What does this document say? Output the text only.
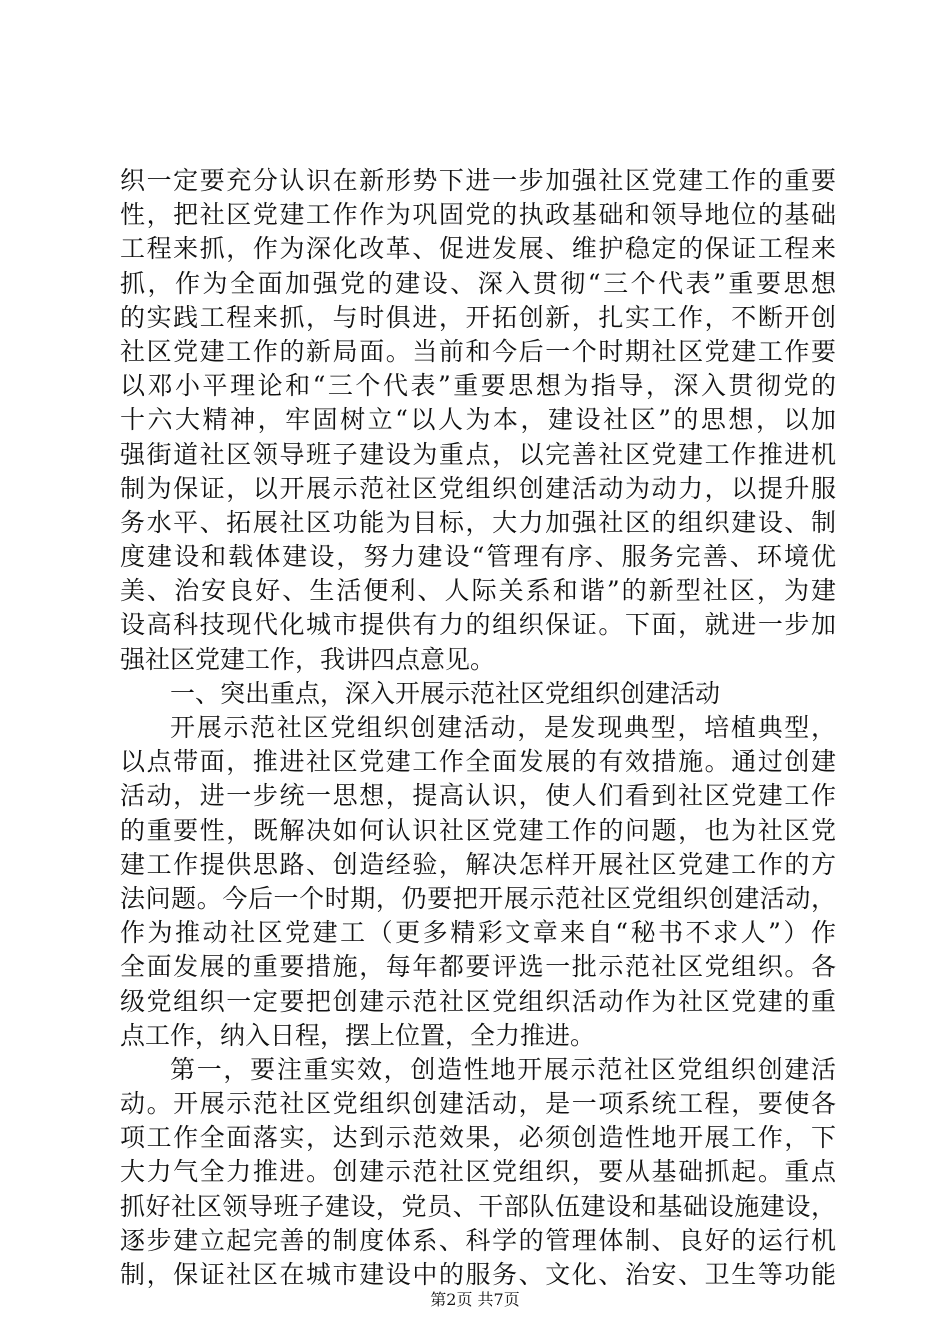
织一定要充分认识在新形势下进一步加强社区党建工作的重要
性，把社区党建工作作为巩固党的执政基础和领导地位的基础
工程来抓，作为深化改革、促进发展、维护稳定的保证工程来
抓，作为全面加强党的建设、深入贯彻“三个代表”重要思想
的实践工程来抓，与时俱进，开拓创新，扎实工作，不断开创
社区党建工作的新局面。当前和今后一个时期社区党建工作要
以邓小平理论和“三个代表”重要思想为指导，深入贯彻党的
十六大精神，牢固树立“以人为本，建设社区”的思想，以加
强街道社区领导班子建设为重点，以完善社区党建工作推进机
制为保证，以开展示范社区党组织创建活动为动力，以提升服
务水平、拓展社区功能为目标，大力加强社区的组织建设、制
度建设和载体建设，努力建设“管理有序、服务完善、环境优
美、治安良好、生活便利、人际关系和谐”的新型社区，为建
设高科技现代化城市提供有力的组织保证。下面，就进一步加
强社区党建工作，我讲四点意见。
一、突出重点，深入开展示范社区党组织创建活动
开展示范社区党组织创建活动，是发现典型，培植典型，
以点带面，推进社区党建工作全面发展的有效措施。通过创建
活动，进一步统一思想，提高认识，使人们看到社区党建工作
的重要性，既解决如何认识社区党建工作的问题，也为社区党
建工作提供思路、创造经验，解决怎样开展社区党建工作的方
法问题。今后一个时期，仍要把开展示范社区党组织创建活动，
作为推动社区党建工（更多精彩文章来自“秘书不求人”）作
全面发展的重要措施，每年都要评选一批示范社区党组织。各
级党组织一定要把创建示范社区党组织活动作为社区党建的重
点工作，纳入日程，摆上位置，全力推进。
第一，要注重实效，创造性地开展示范社区党组织创建活
动。开展示范社区党组织创建活动，是一项系统工程，要使各
项工作全面落实，达到示范效果，必须创造性地开展工作，下
大力气全力推进。创建示范社区党组织，要从基础抓起。重点
抓好社区领导班子建设，党员、干部队伍建设和基础设施建设，
逐步建立起完善的制度体系、科学的管理体制、良好的运行机
制，保证社区在城市建设中的服务、文化、治安、卫生等功能
第2页 共7页
